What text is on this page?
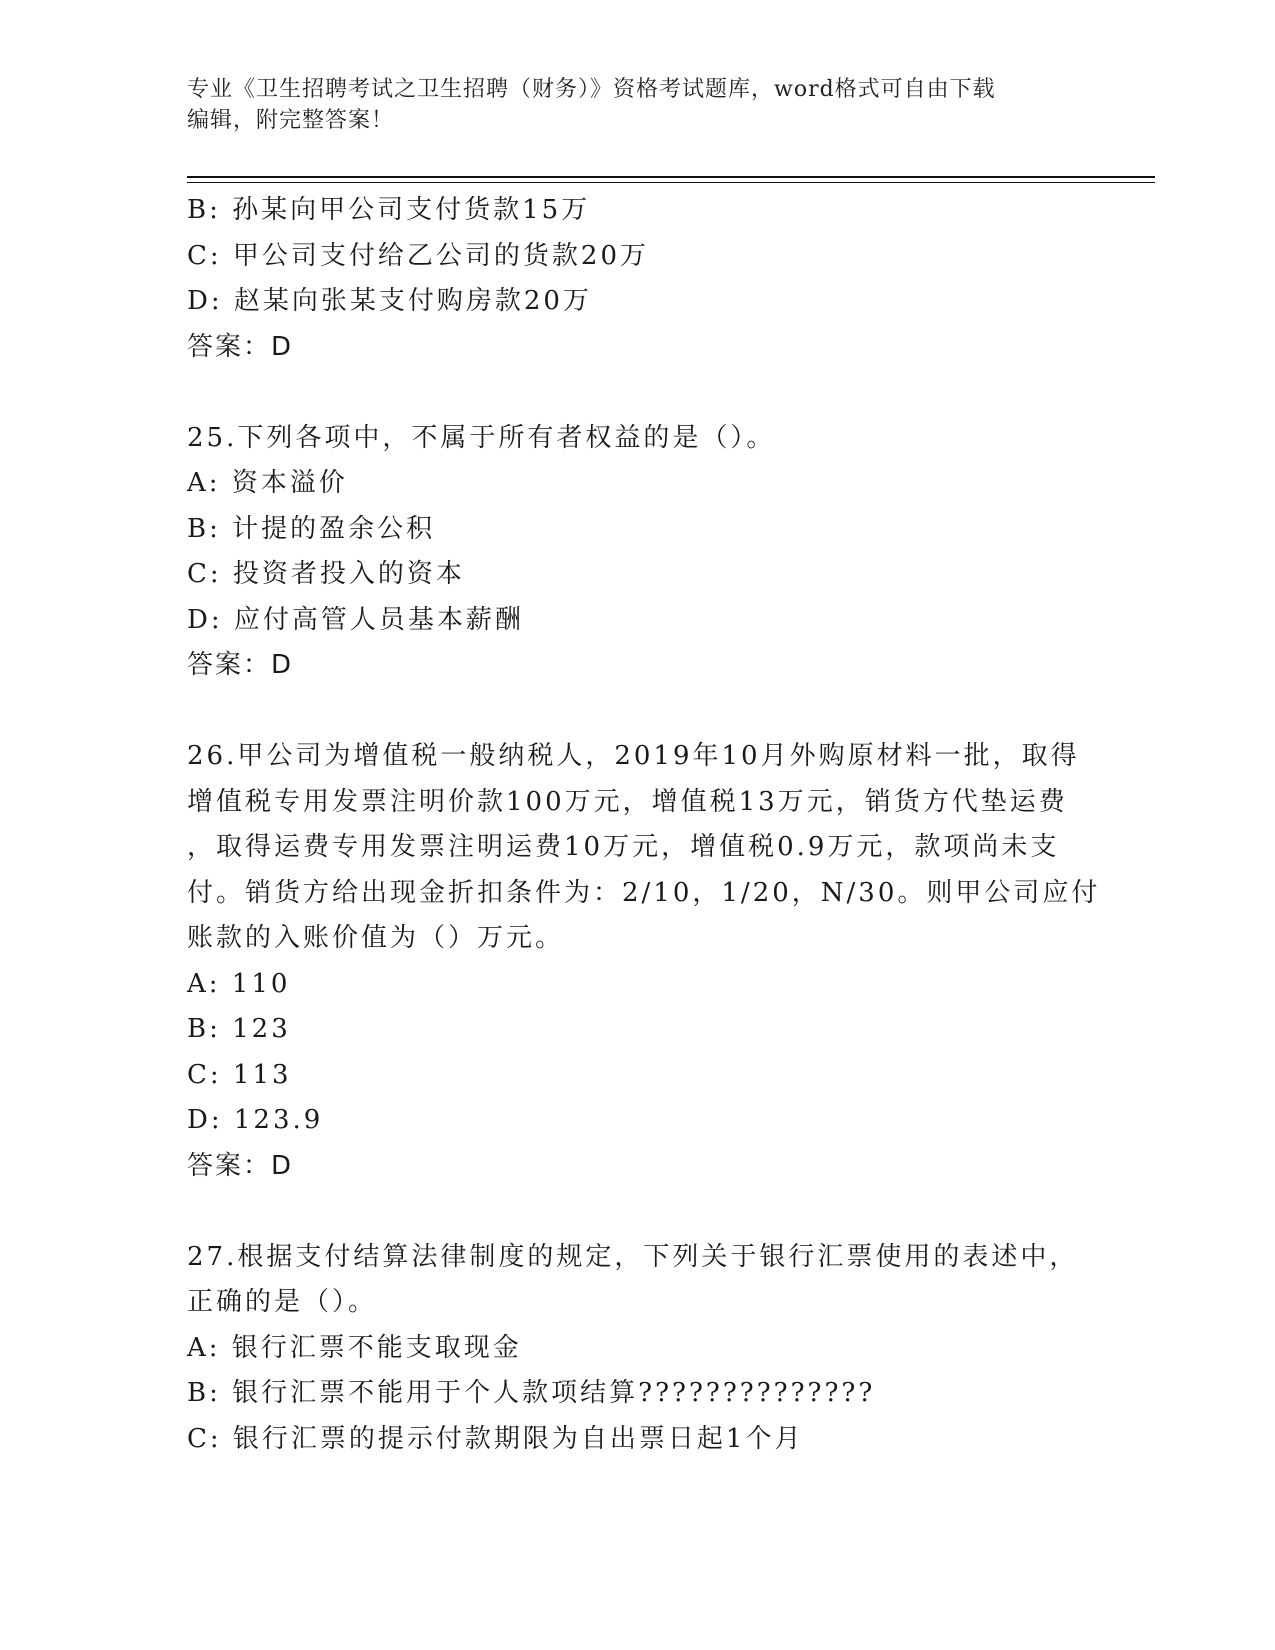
专业《卫生招聘考试之卫生招聘（财务）》资格考试题库，word格式可自由下载
编辑，附完整答案！
B: 孙某向甲公司支付货款15万
C: 甲公司支付给乙公司的货款20万
D: 赵某向张某支付购房款20万
答案：D
25.下列各项中，不属于所有者权益的是（）。
A: 资本溢价
B: 计提的盈余公积
C: 投资者投入的资本
D: 应付高管人员基本薪酬
答案：D
26.甲公司为增值税一般纳税人，2019年10月外购原材料一批，取得
增值税专用发票注明价款100万元，增值税13万元，销货方代垫运费
，取得运费专用发票注明运费10万元，增值税0.9万元，款项尚未支
付。销货方给出现金折扣条件为：2/10，1/20，N/30。则甲公司应付
账款的入账价值为（）万元。
A: 110
B: 123
C: 113
D: 123.9
答案：D
27.根据支付结算法律制度的规定，下列关于银行汇票使用的表述中，
正确的是（）。
A: 银行汇票不能支取现金
B: 银行汇票不能用于个人款项结算??????????????
C: 银行汇票的提示付款期限为自出票日起1个月
